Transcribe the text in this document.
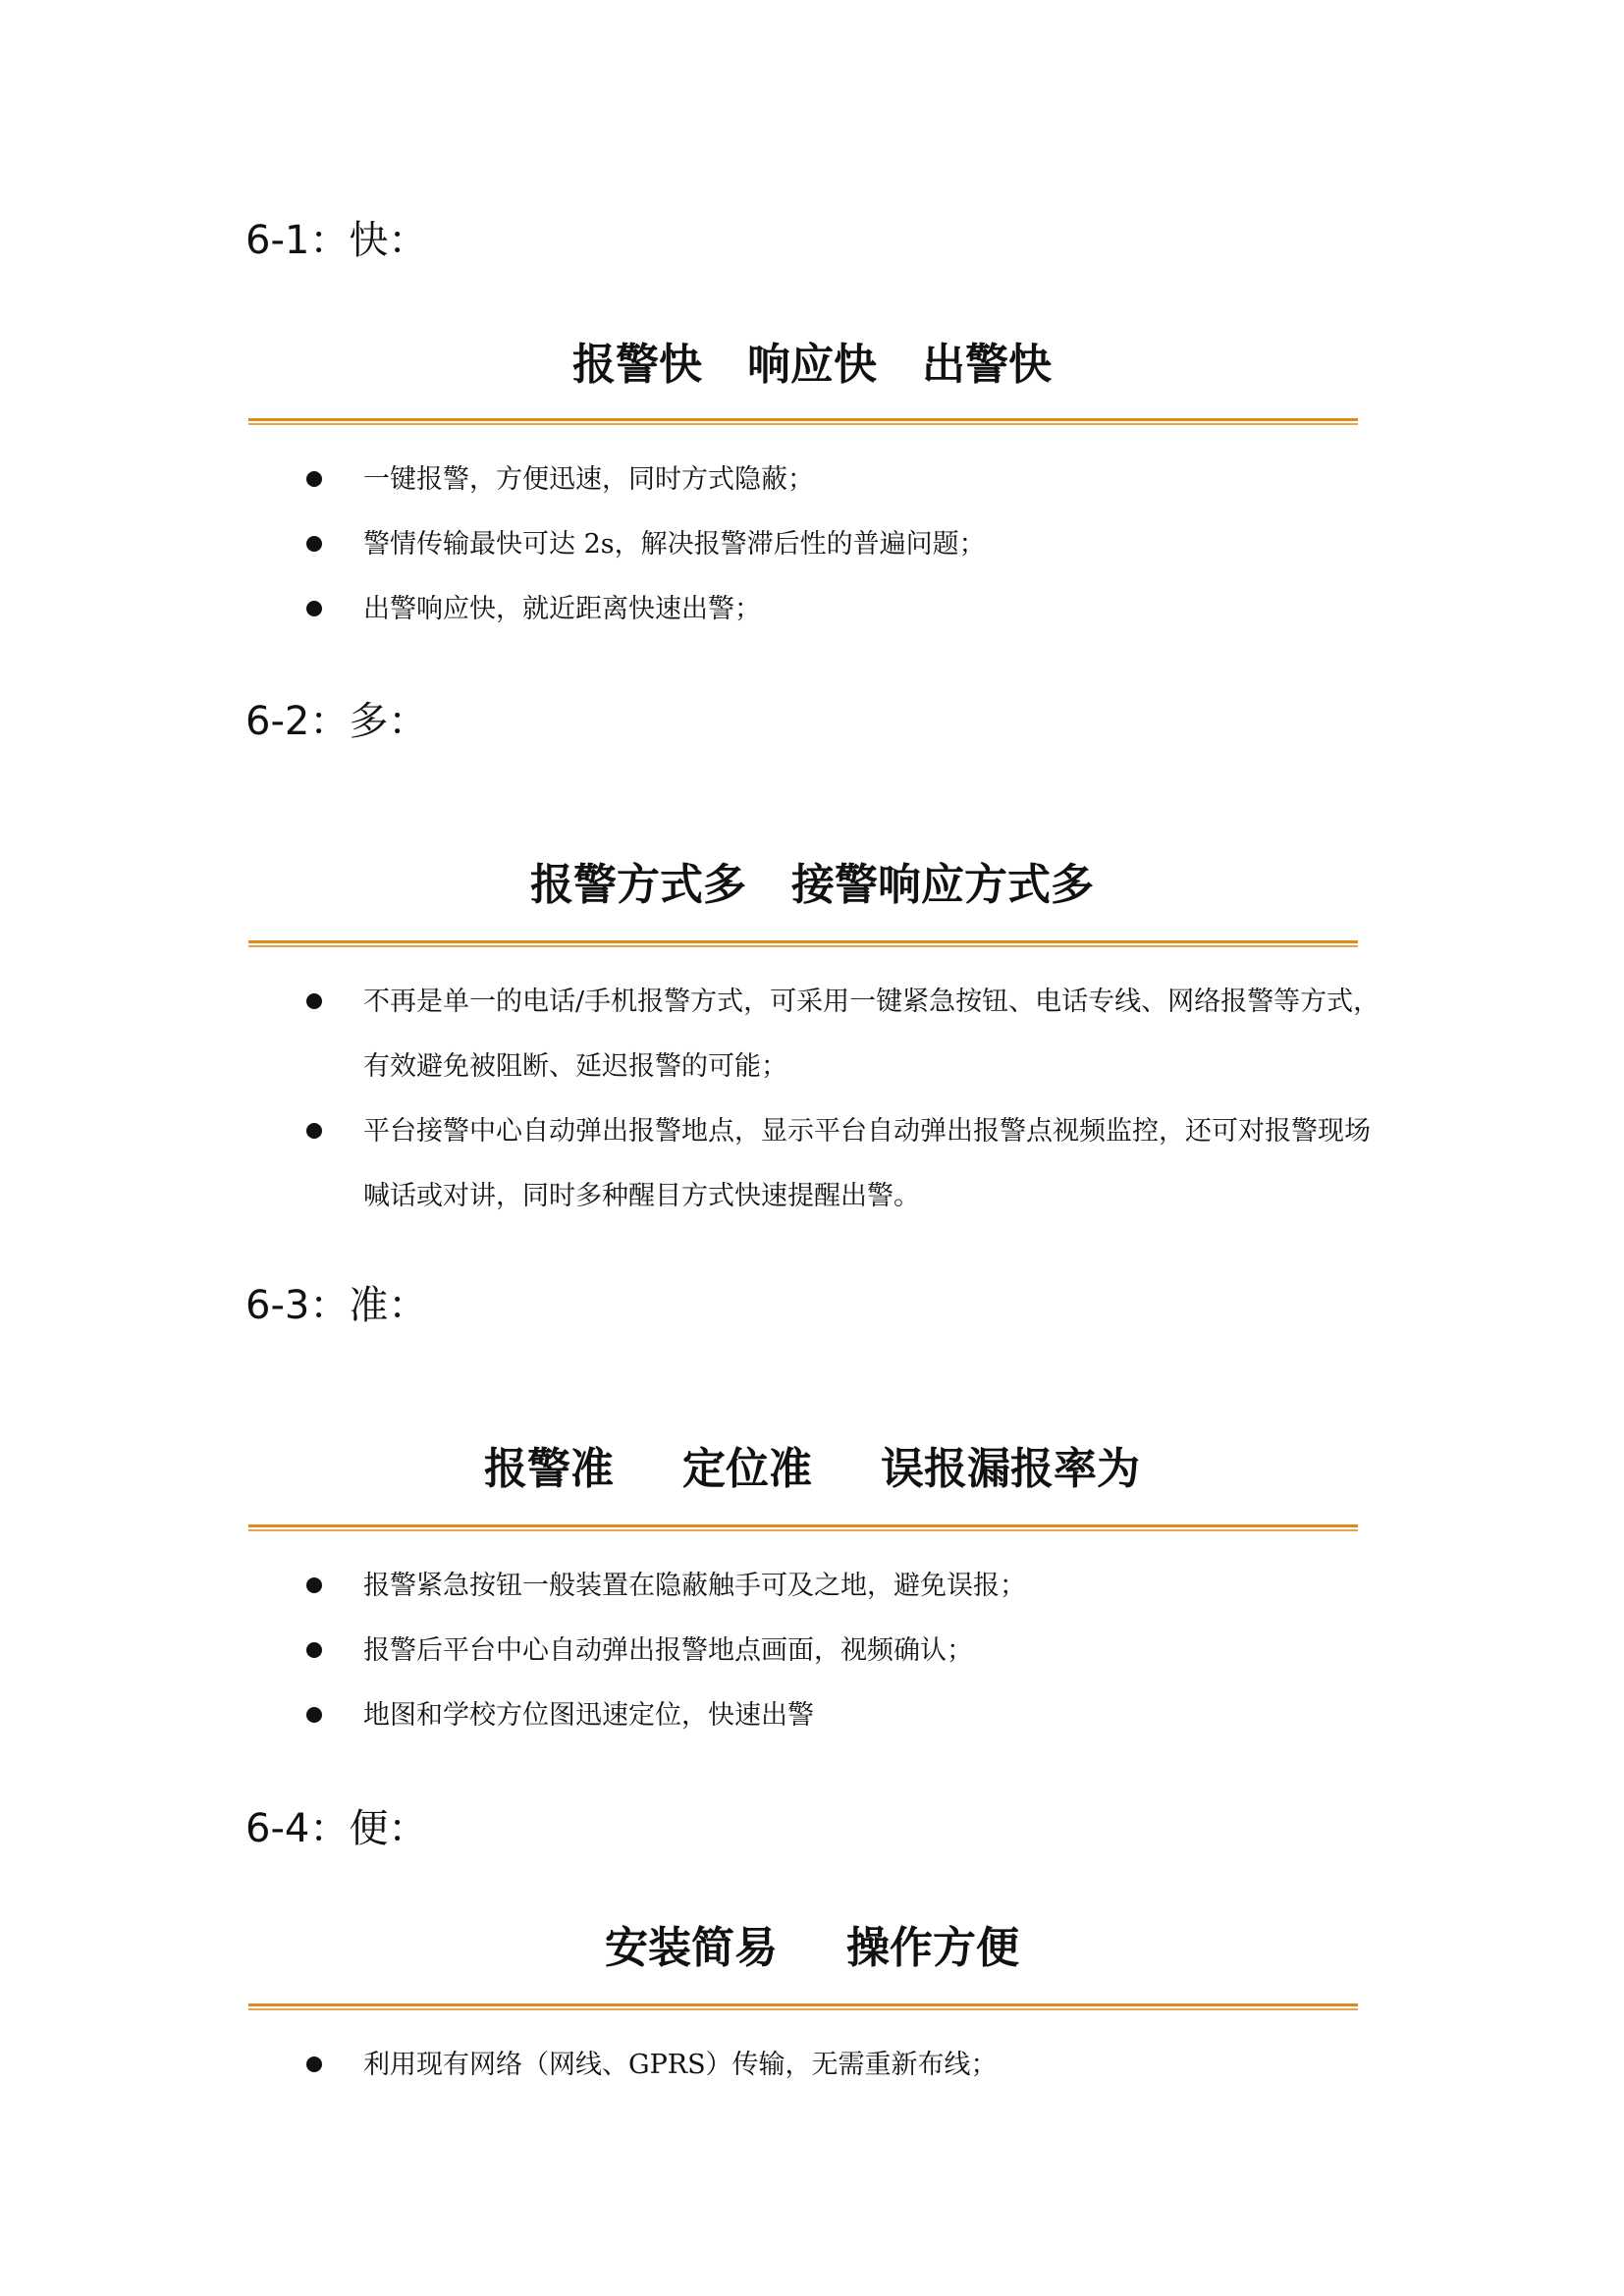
6-1：快：
报警快 响应快 出警快
一键报警，方便迅速，同时方式隐蔽；
警情传输最快可达 2s，解决报警滞后性的普遍问题；
出警响应快，就近距离快速出警；
6-2：多：
报警方式多 接警响应方式多
不再是单一的电话/手机报警方式，可采用一键紧急按钮、电话专线、网络报警等方式，有效避免被阻断、延迟报警的可能；
平台接警中心自动弹出报警地点，显示平台自动弹出报警点视频监控，还可对报警现场喊话或对讲，同时多种醒目方式快速提醒出警。
6-3：准：
报警准 定位准 误报漏报率为
报警紧急按钮一般装置在隐蔽触手可及之地，避免误报；
报警后平台中心自动弹出报警地点画面，视频确认；
地图和学校方位图迅速定位，快速出警
6-4：便：
安装简易 操作方便
利用现有网络（网线、GPRS）传输，无需重新布线；
